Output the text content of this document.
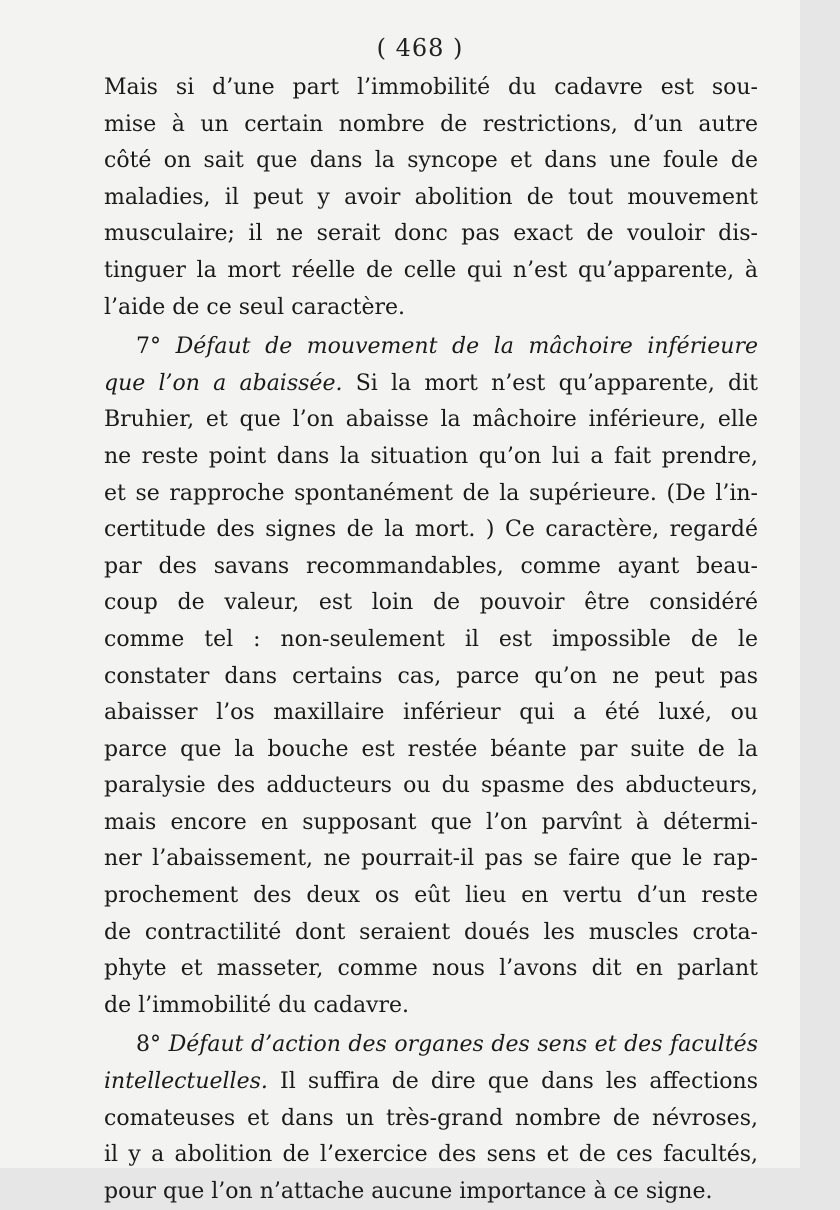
( 468 )
Mais si d’une part l’immobilité du cadavre est sou-
mise à un certain nombre de restrictions, d’un autre
côté on sait que dans la syncope et dans une foule de
maladies, il peut y avoir abolition de tout mouvement
musculaire; il ne serait donc pas exact de vouloir dis-
tinguer la mort réelle de celle qui n’est qu’apparente, à
l’aide de ce seul caractère.
7° Défaut de mouvement de la mâchoire inférieure
que l’on a abaissée. Si la mort n’est qu’apparente, dit
Bruhier, et que l’on abaisse la mâchoire inférieure, elle
ne reste point dans la situation qu’on lui a fait prendre,
et se rapproche spontanément de la supérieure. (De l’in-
certitude des signes de la mort. ) Ce caractère, regardé
par des savans recommandables, comme ayant beau-
coup de valeur, est loin de pouvoir être considéré
comme tel : non-seulement il est impossible de le
constater dans certains cas, parce qu’on ne peut pas
abaisser l’os maxillaire inférieur qui a été luxé, ou
parce que la bouche est restée béante par suite de la
paralysie des adducteurs ou du spasme des abducteurs,
mais encore en supposant que l’on parvînt à détermi-
ner l’abaissement, ne pourrait-il pas se faire que le rap-
prochement des deux os eût lieu en vertu d’un reste
de contractilité dont seraient doués les muscles crota-
phyte et masseter, comme nous l’avons dit en parlant
de l’immobilité du cadavre.
8° Défaut d’action des organes des sens et des facultés
intellectuelles. Il suffira de dire que dans les affections
comateuses et dans un très-grand nombre de névroses,
il y a abolition de l’exercice des sens et de ces facultés,
pour que l’on n’attache aucune importance à ce signe.
